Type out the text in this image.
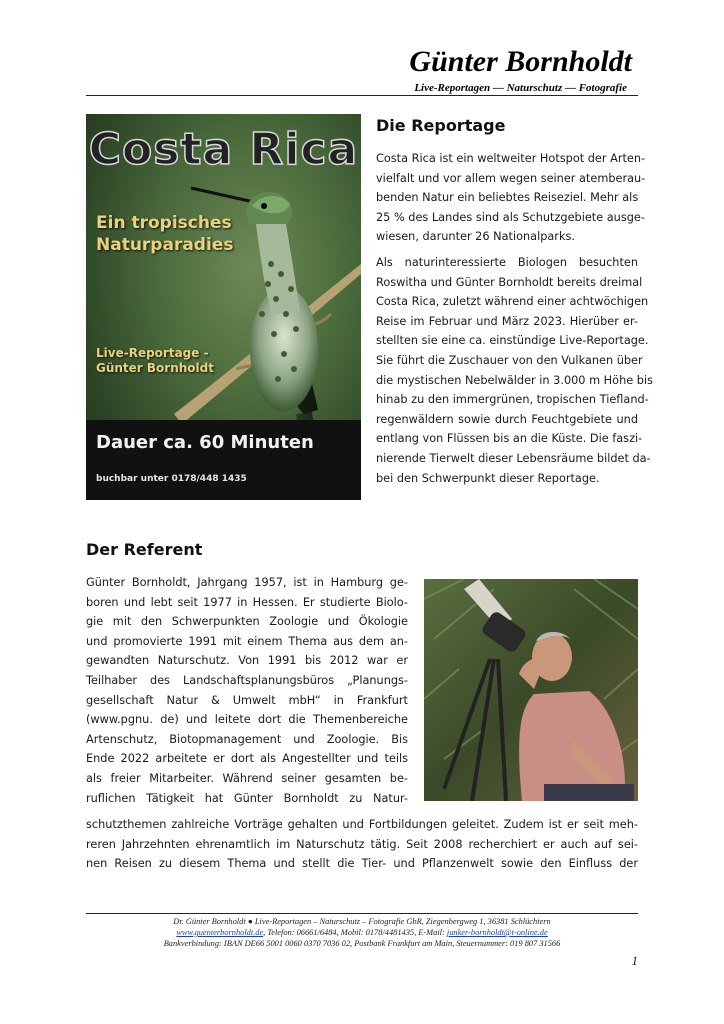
Günter Bornholdt
Live-Reportagen — Naturschutz — Fotografie
Costa Rica
Ein tropisches
Naturparadies
Live-Reportage -
Günter Bornholdt
Dauer ca. 60 Minuten
buchbar unter 0178/448 1435
Die Reportage

Costa Rica ist ein weltweiter Hotspot der Arten-
vielfalt und vor allem wegen seiner atemberau-
benden Natur ein beliebtes Reiseziel. Mehr als
25 % des Landes sind als Schutzgebiete ausge-
wiesen, darunter 26 Nationalparks.

Als naturinteressierte Biologen besuchten
Roswitha und Günter Bornholdt bereits dreimal
Costa Rica, zuletzt während einer achtwöchigen
Reise im Februar und März 2023. Hierüber er-
stellten sie eine ca. einstündige Live-Reportage.
Sie führt die Zuschauer von den Vulkanen über
die mystischen Nebelwälder in 3.000 m Höhe bis
hinab zu den immergrünen, tropischen Tiefland-
regenwäldern sowie durch Feuchtgebiete und
entlang von Flüssen bis an die Küste. Die faszi-
nierende Tierwelt dieser Lebensräume bildet da-
bei den Schwerpunkt dieser Reportage.

Der Referent
Günter Bornholdt, Jahrgang 1957, ist in Hamburg ge-
boren und lebt seit 1977 in Hessen. Er studierte Biolo-
gie mit den Schwerpunkten Zoologie und Ökologie
und promovierte 1991 mit einem Thema aus dem an-
gewandten Naturschutz. Von 1991 bis 2012 war er
Teilhaber des Landschaftsplanungsbüros „Planungs-
gesellschaft Natur & Umwelt mbH“ in Frankfurt
(www.pgnu. de) und leitete dort die Themenbereiche
Artenschutz, Biotopmanagement und Zoologie. Bis
Ende 2022 arbeitete er dort als Angestellter und teils
als freier Mitarbeiter. Während seiner gesamten be-
ruflichen Tätigkeit hat Günter Bornholdt zu Natur-
schutzthemen zahlreiche Vorträge gehalten und Fortbildungen geleitet. Zudem ist er seit meh-
reren Jahrzehnten ehrenamtlich im Naturschutz tätig. Seit 2008 recherchiert er auch auf sei-
nen Reisen zu diesem Thema und stellt die Tier- und Pflanzenwelt sowie den Einfluss der
Dr. Günter Bornholdt ● Live-Reportagen – Naturschutz – Fotografie GbR, Ziegenbergweg 1, 36381 Schlüchtern
www.guenterbornholdt.de, Telefon: 06661/6484, Mobil: 0178/4481435, E-Mail: junker-bornholdt@t-online.de
Bankverbindung: IBAN DE66 5001 0060 0370 7036 02, Postbank Frankfurt am Main, Steuernummer: 019 807 31566
1
